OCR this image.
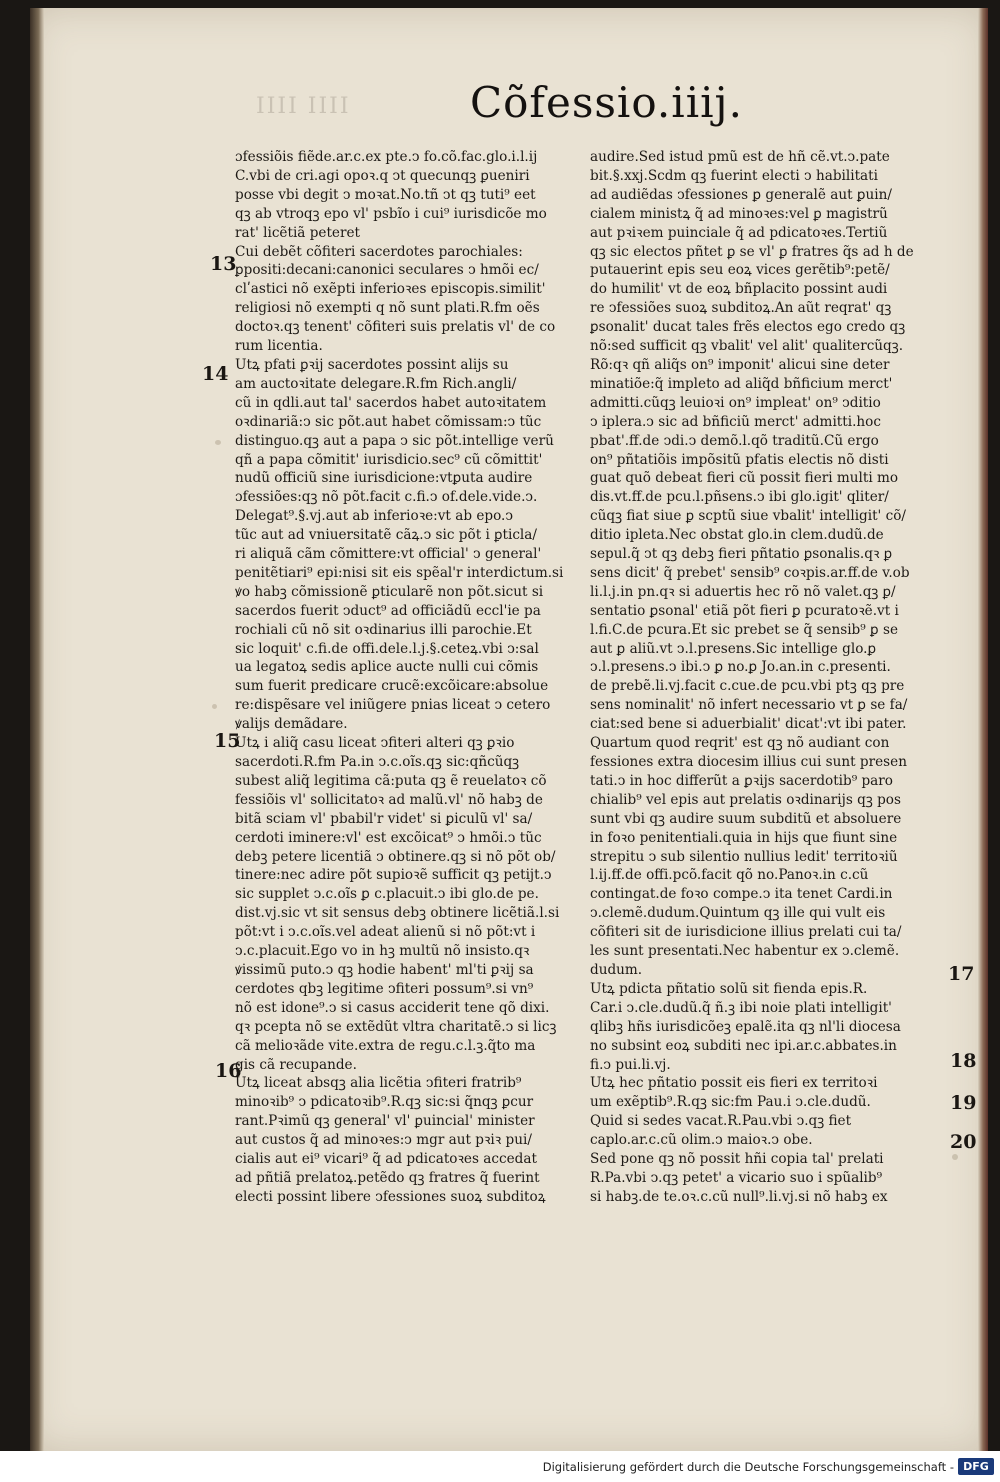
IIII IIII	Cõfessio.iiij.
ɔfessiõis fiẽde.ar.c.ex pte.ↄ fo.cõ.fac.glo.i.l.ij
C.vbi de cri.agi opoꝛ.q ↄt quecunqꝫ ꝑueniri
posse vbi degit ↄ moꝛat.No.tñ ↄt qꝫ tuti⁹ eet
qꝫ ab vtroqꝫ epo vl' psbĩo i cui⁹ iurisdicõe mo
rat' licẽtiã peteret
Cui debẽt cõfiteri sacerdotes parochiales:
ꝑpositi:decani:canonici seculares ↄ hmõi ec/
clʹastici nõ exẽpti inferioꝛes episcopis.similit'
religiosi nõ exempti q nõ sunt plati.R.fm oẽs
doctoꝛ.qꝫ tenent' cõfiteri suis prelatis vl' de co
rum licentia.
Utꝝ pfati ꝑꝛij sacerdotes possint alijs su
am auctoꝛitate delegare.R.fm Rich.angli/
cũ in qdli.aut tal' sacerdos habet autoꝛitatem
oꝛdinariã:ↄ sic põt.aut habet cõmissam:ↄ tũc
distinguo.qꝫ aut a papa ↄ sic põt.intellige verũ
qñ a papa cõmitit' iurisdicio.sec⁹ cũ cõmittit'
nudũ officiũ sine iurisdicione:vtꝑuta audire
ɔfessiões:qꝫ nõ põt.facit c.fi.ↄ of.dele.vide.ↄ.
Delegat⁹.§.vj.aut ab inferioꝛe:vt ab epo.ↄ
tũc aut ad vniuersitatẽ cãꝝ.ↄ sic põt i ꝑticla/
ri aliquã cãm cõmittere:vt official' ↄ general'
penitẽtiari⁹ epi:nisi sit eis spẽal'r interdictum.si
ꝟo habꝫ cõmissionẽ ꝑticularẽ non põt.sicut si
sacerdos fuerit ↄduct⁹ ad officiãdũ eccl'ie pa
rochiali cũ nõ sit oꝛdinarius illi parochie.Et
sic loquit' c.fi.de offi.dele.l.j.§.ceteꝝ.vbi ↄ:sal
ua legatoꝝ sedis aplice aucte nulli cui cõmis
sum fuerit predicare crucẽ:excõicare:absolue
re:dispẽsare vel iniũgere pnias liceat ↄ cetero
ꝟalijs demãdare.
Utꝝ i aliq̃ casu liceat ↄfiteri alteri qꝫ ꝑꝛio
sacerdoti.R.fm Pa.in ↄ.c.oĩs.qꝫ sic:qñcũqꝫ
subest aliq̃ legitima cã:puta qꝫ ẽ reuelatoꝛ cõ
fessiõis vl' sollicitatoꝛ ad malũ.vl' nõ habꝫ de
bitã sciam vl' pbabil'r videt' si ꝑiculũ vl' sa/
cerdoti iminere:vl' est excõicat⁹ ↄ hmõi.ↄ tũc
debꝫ petere licentiã ↄ obtinere.qꝫ si nõ põt ob/
tinere:nec adire põt supioꝛẽ sufficit qꝫ petijt.ↄ
sic supplet ↄ.c.oĩs ꝑ c.placuit.ↄ ibi glo.de pe.
dist.vj.sic vt sit sensus debꝫ obtinere licẽtiã.l.si
põt:vt i ↄ.c.oĩs.vel adeat alienũ si nõ põt:vt i
ↄ.c.placuit.Ego vo in hꝫ multũ nõ insisto.qꝛ
ꝟissimũ puto.ↄ qꝫ hodie habent' ml'ti ꝑꝛij sa
cerdotes qbꝫ legitime ↄfiteri possum⁹.si vn⁹
nõ est idone⁹.ↄ si casus acciderit tene qõ dixi.
qꝛ pcepta nõ se extẽdũt vltra charitatẽ.ↄ si licꝫ
cã melioꝛãde vite.extra de regu.c.l.ꝫ.q̃to ma
gis cã recupande.
Utꝝ liceat absqꝫ alia licẽtia ↄfiteri fratrib⁹
minoꝛib⁹ ↄ pdicatoꝛib⁹.R.qꝫ sic:si q̃nqꝫ ꝑcur
rant.Pꝛimũ qꝫ general' vl' ꝑuincial' minister
aut custos q̃ ad minoꝛes:ↄ mgr aut pꝛiꝛ pui/
cialis aut ei⁹ vicari⁹ q̃ ad pdicatoꝛes accedat
ad pñtiã prelatoꝝ.petẽdo qꝫ fratres q̃ fuerint
electi possint libere ↄfessiones suoꝝ subditoꝝ
audire.Sed istud pmũ est de hñ cẽ.vt.ↄ.pate
bit.§.xxj.Scdm qꝫ fuerint electi ↄ habilitati
ad audiẽdas ↄfessiones ꝑ generalẽ aut ꝑuin/
cialem ministꝝ q̃ ad minoꝛes:vel ꝑ magistrũ
aut pꝛiꝛem puinciale q̃ ad pdicatoꝛes.Tertiũ
qꝫ sic electos pñtet ꝑ se vl' ꝑ fratres q̃s ad h de
putauerint epis seu eoꝝ vices gerẽtib⁹:petẽ/
do humilit' vt de eoꝝ bñplacito possint audi
re ↄfessiões suoꝝ subditoꝝ.An aũt reqrat' qꝫ
ꝑsonalit' ducat tales frẽs electos ego credo qꝫ
nõ:sed sufficit qꝫ vbalit' vel alit' qualitercũqꝫ.
Rõ:qꝛ qñ aliq̃s on⁹ imponit' alicui sine deter
minatiõe:q̃ impleto ad aliq̃d bñficium merct'
admitti.cũqꝫ leuioꝛi on⁹ impleat' on⁹ ↄditio
ↄ iplera.ↄ sic ad bñficiũ merct' admitti.hoc
pbat'.ff.de ↄdi.ↄ demõ.l.qõ traditũ.Cũ ergo
on⁹ pñtatiõis impõsitũ pfatis electis nõ disti
guat quõ debeat fieri cũ possit fieri multi mo
dis.vt.ff.de pcu.l.pñsens.ↄ ibi glo.igit' qliter/
cũqꝫ fiat siue ꝑ scptũ siue vbalit' intelligit' cõ/
ditio ipleta.Nec obstat glo.in clem.dudũ.de
sepul.q̃ ↄt qꝫ debꝫ fieri pñtatio ꝑsonalis.qꝛ ꝑ
sens dicit' q̃ prebet' sensib⁹ coꝛpis.ar.ff.de v.ob
li.l.j.in pn.qꝛ si aduertis hec rõ nõ valet.qꝫ ꝑ/
sentatio ꝑsonal' etiã põt fieri ꝑ pcuratoꝛẽ.vt i
l.fi.C.de pcura.Et sic prebet se q̃ sensib⁹ ꝑ se
aut ꝑ aliũ.vt ↄ.l.presens.Sic intellige glo.ꝑ
ↄ.l.presens.ↄ ibi.ↄ ꝑ no.ꝑ Jo.an.in c.presenti.
de prebẽ.li.vj.facit c.cue.de pcu.vbi ptꝫ qꝫ pre
sens nominalit' nõ infert necessario vt ꝑ se fa/
ciat:sed bene si aduerbialit' dicat':vt ibi pater.
Quartum quod reqrit' est qꝫ nõ audiant con
fessiones extra diocesim illius cui sunt presen
tati.ↄ in hoc differũt a ꝑꝛijs sacerdotib⁹ paro
chialib⁹ vel epis aut prelatis oꝛdinarijs qꝫ pos
sunt vbi qꝫ audire suum subditũ et absoluere
in foꝛo penitentiali.quia in hijs que fiunt sine
strepitu ↄ sub silentio nullius ledit' territoꝛiũ
l.ij.ff.de offi.pcõ.facit qõ no.Panoꝛ.in c.cũ
contingat.de foꝛo compe.ↄ ita tenet Cardi.in
ↄ.clemẽ.dudum.Quintum qꝫ ille qui vult eis
cõfiteri sit de iurisdicione illius prelati cui ta/
les sunt presentati.Nec habentur ex ↄ.clemẽ.
dudum.
Utꝝ pdicta pñtatio solũ sit fienda epis.R.
Car.i ↄ.cle.dudũ.q̃ ñ.ꝫ ibi noie plati intelligit'
qlibꝫ hñs iurisdicõeꝫ epalẽ.ita qꝫ nl'li diocesa
no subsint eoꝝ subditi nec ipi.ar.c.abbates.in
fi.ↄ pui.li.vj.
Utꝝ hec pñtatio possit eis fieri ex territoꝛi
um exẽptib⁹.R.qꝫ sic:fm Pau.i ↄ.cle.dudũ.
Quid si sedes vacat.R.Pau.vbi ↄ.qꝫ fiet
caplo.ar.c.cũ olim.ↄ maioꝛ.ↄ obe.
Sed pone qꝫ nõ possit hñi copia tal' prelati
R.Pa.vbi ↄ.qꝫ petet' a vicario suo i spũalib⁹
si habꝫ.de te.oꝛ.c.cũ null⁹.li.vj.si nõ habꝫ ex
13
14
15
16
17
18
19
20
Digitalisierung gefördert durch die Deutsche Forschungsgemeinschaft - DFG
